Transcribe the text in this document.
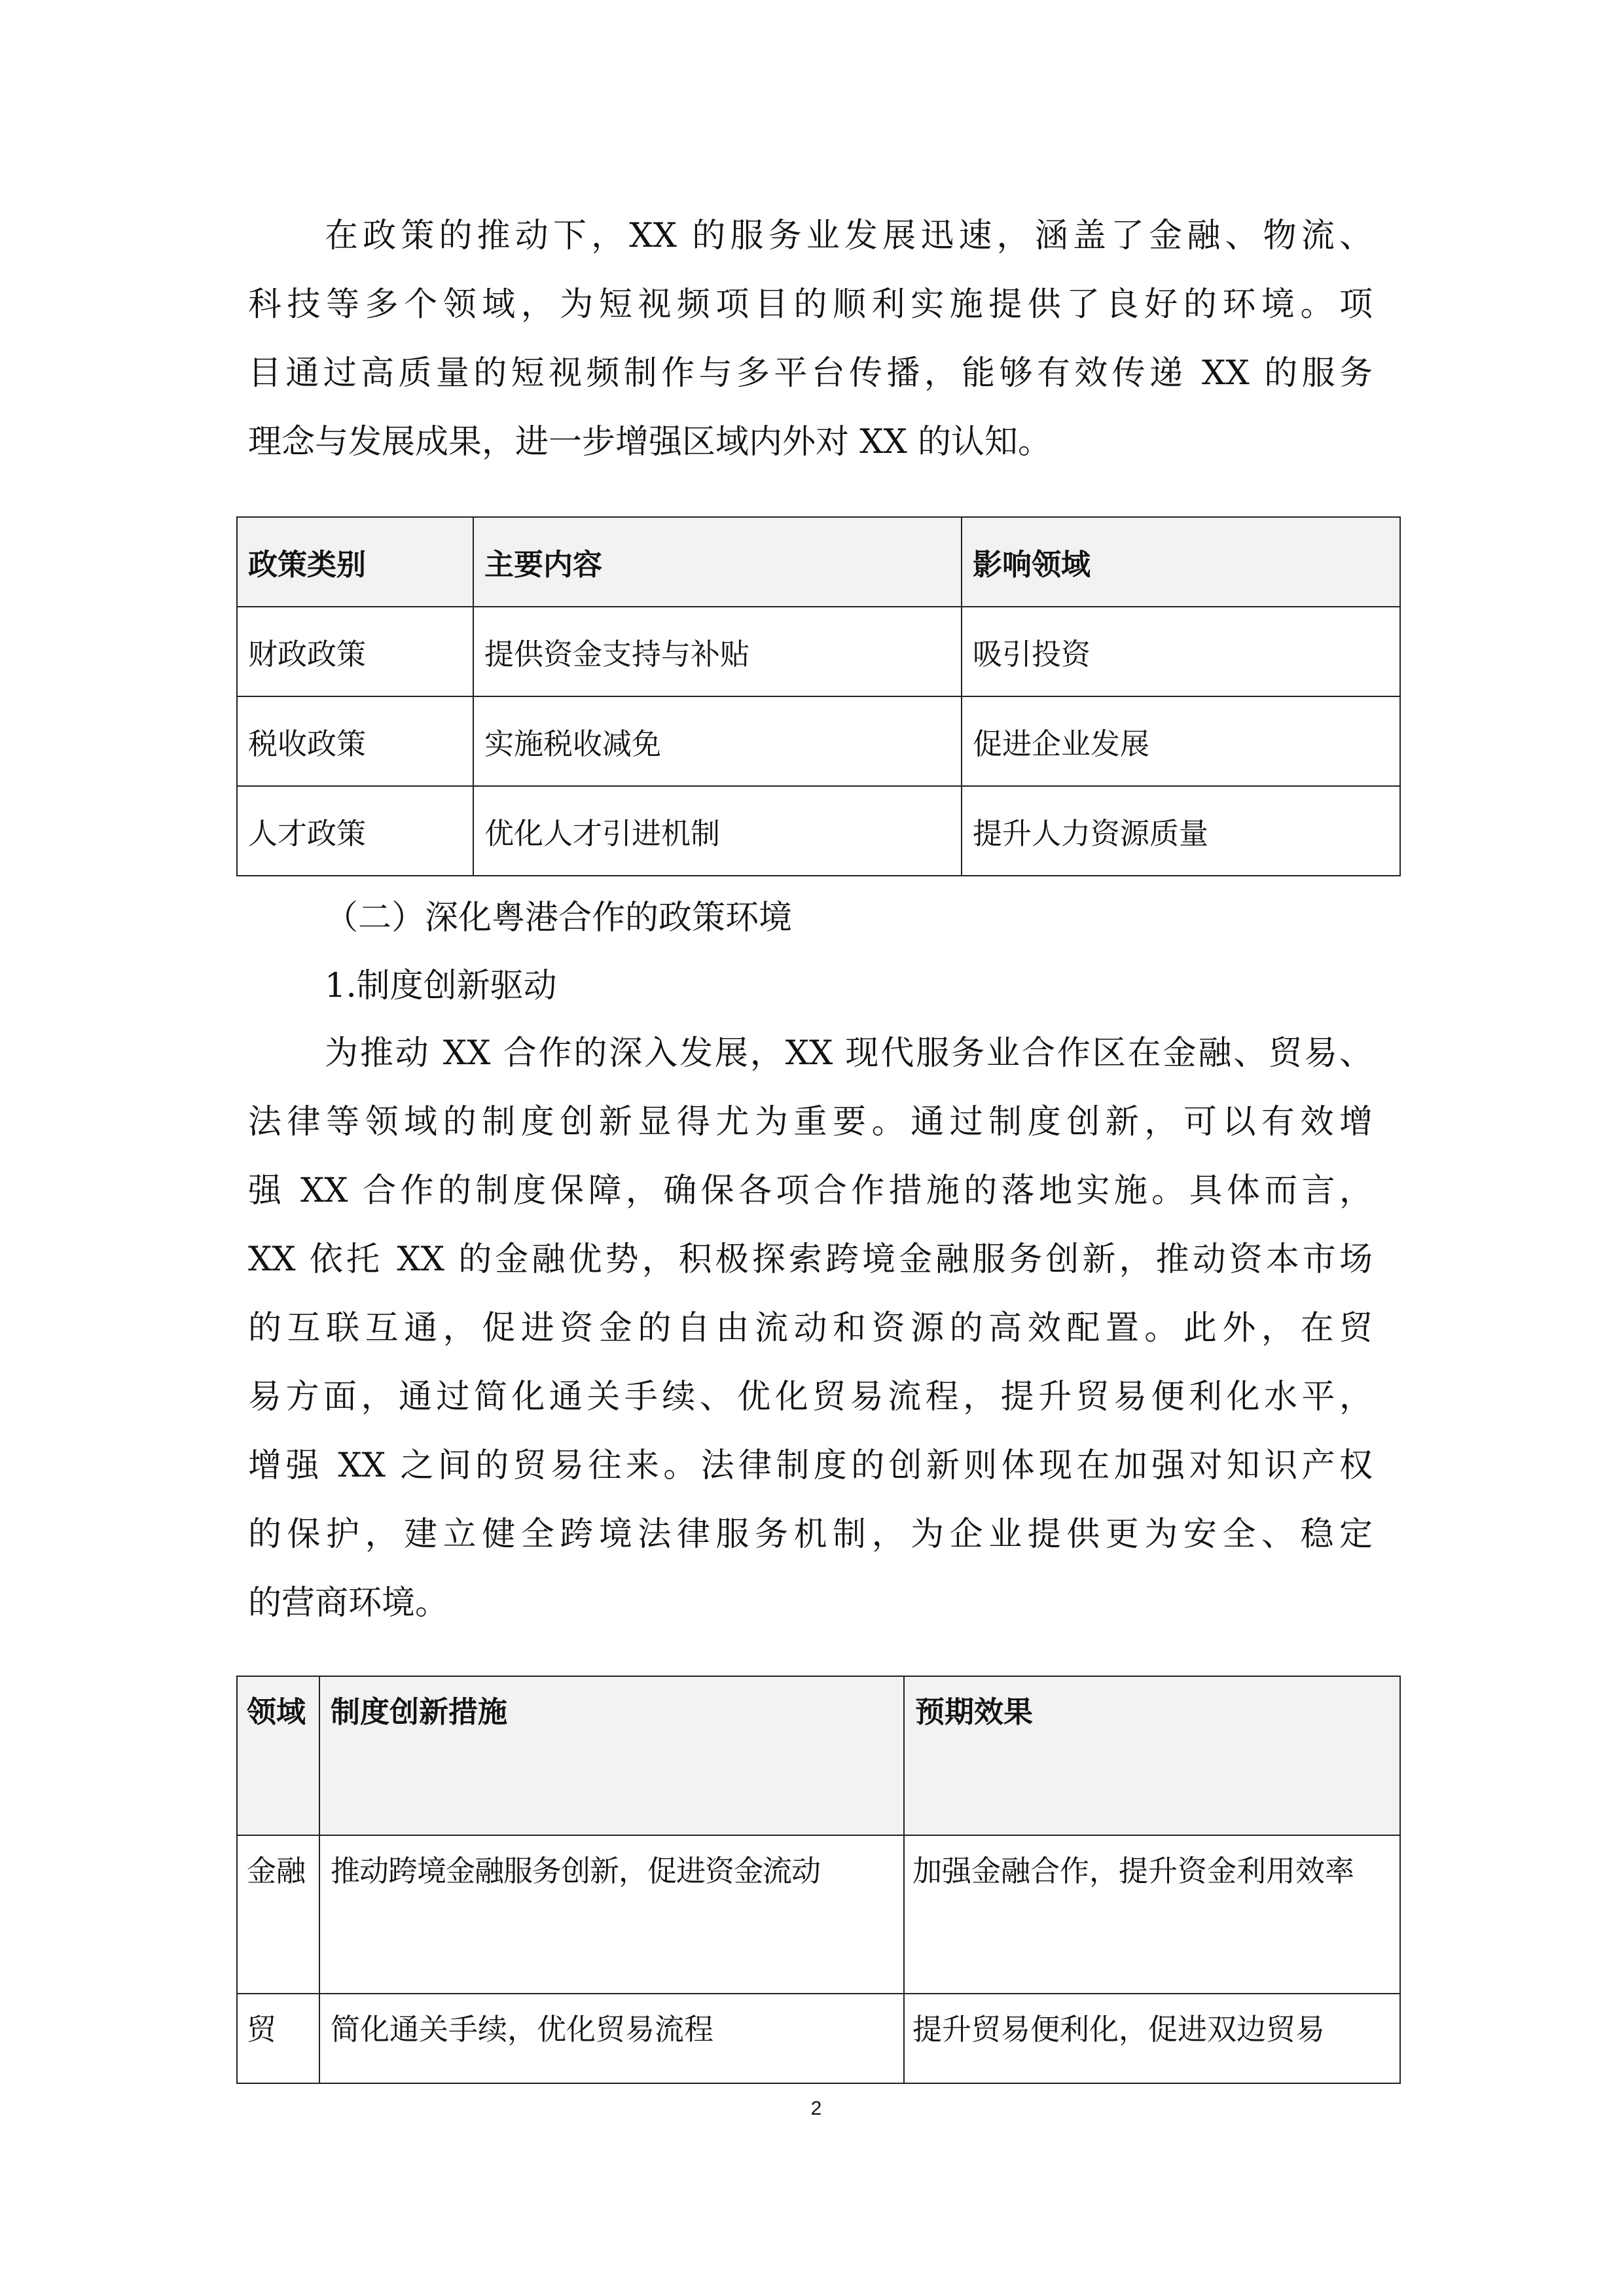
在政策的推动下，XX 的服务业发展迅速，涵盖了金融、物流、
科技等多个领域，为短视频项目的顺利实施提供了良好的环境。项
目通过高质量的短视频制作与多平台传播，能够有效传递 XX 的服务
理念与发展成果，进一步增强区域内外对 XX 的认知。
政策类别	主要内容	影响领域
财政政策	提供资金支持与补贴	吸引投资
税收政策	实施税收减免	促进企业发展
人才政策	优化人才引进机制	提升人力资源质量
（二）深化粤港合作的政策环境
1.制度创新驱动
为推动 XX 合作的深入发展，XX 现代服务业合作区在金融、贸易、
法律等领域的制度创新显得尤为重要。通过制度创新，可以有效增
强 XX 合作的制度保障，确保各项合作措施的落地实施。具体而言，
XX 依托 XX 的金融优势，积极探索跨境金融服务创新，推动资本市场
的互联互通，促进资金的自由流动和资源的高效配置。此外，在贸
易方面，通过简化通关手续、优化贸易流程，提升贸易便利化水平，
增强 XX 之间的贸易往来。法律制度的创新则体现在加强对知识产权
的保护，建立健全跨境法律服务机制，为企业提供更为安全、稳定
的营商环境。
领域	制度创新措施	预期效果
金融	推动跨境金融服务创新，促进资金流动	加强金融合作，提升资金利用效率
贸	简化通关手续，优化贸易流程	提升贸易便利化，促进双边贸易
2
